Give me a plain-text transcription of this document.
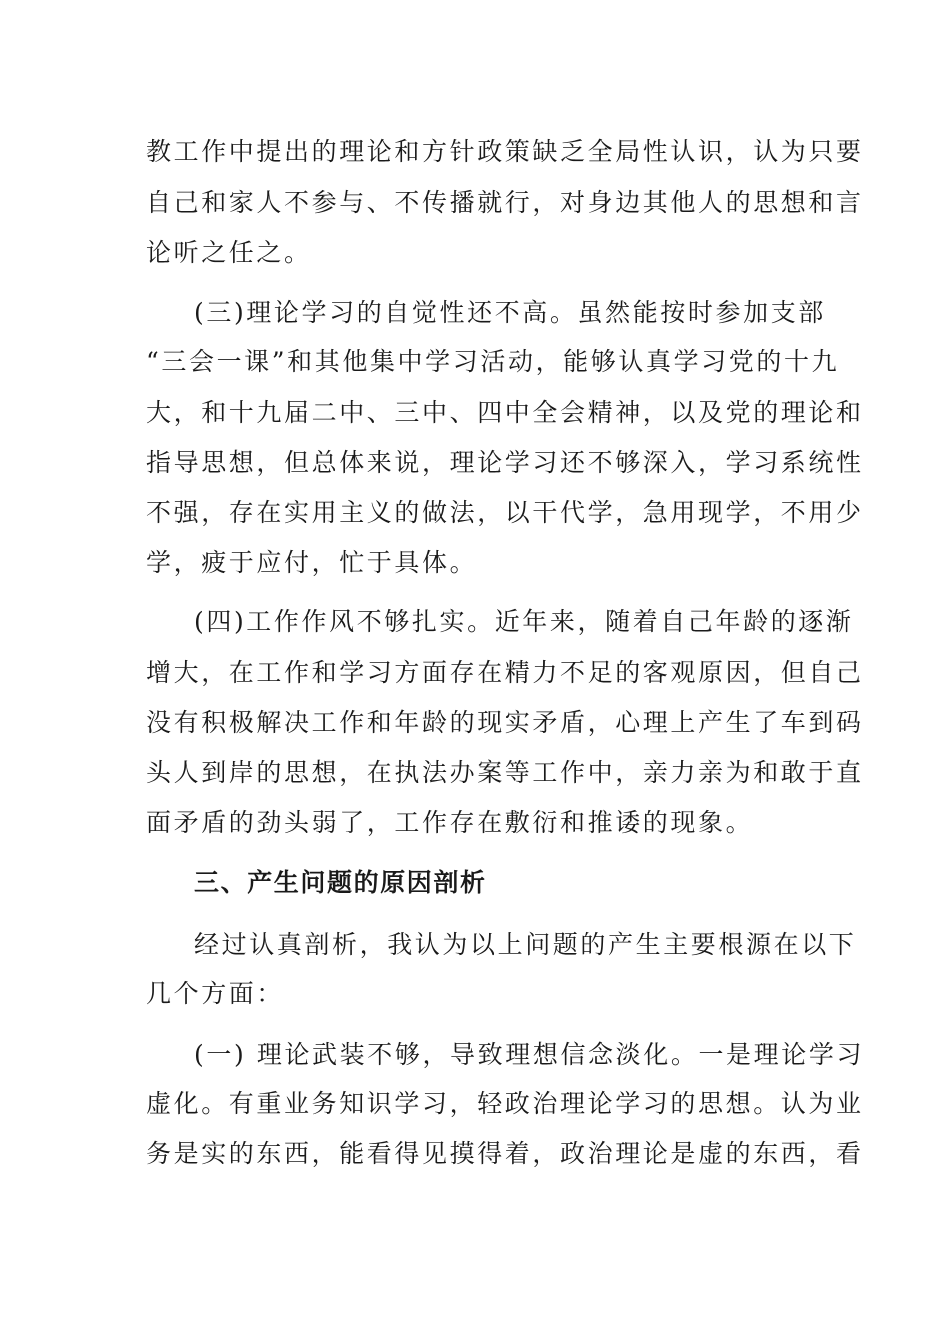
教工作中提出的理论和方针政策缺乏全局性认识，认为只要
自己和家人不参与、不传播就行，对身边其他人的思想和言
论听之任之。
(三)理论学习的自觉性还不高。虽然能按时参加支部
“三会一课”和其他集中学习活动，能够认真学习党的十九
大，和十九届二中、三中、四中全会精神，以及党的理论和
指导思想，但总体来说，理论学习还不够深入，学习系统性
不强，存在实用主义的做法，以干代学，急用现学，不用少
学，疲于应付，忙于具体。
(四)工作作风不够扎实。近年来，随着自己年龄的逐渐
增大，在工作和学习方面存在精力不足的客观原因，但自己
没有积极解决工作和年龄的现实矛盾，心理上产生了车到码
头人到岸的思想，在执法办案等工作中，亲力亲为和敢于直
面矛盾的劲头弱了，工作存在敷衍和推诿的现象。
三、产生问题的原因剖析
经过认真剖析，我认为以上问题的产生主要根源在以下
几个方面：
(一) 理论武装不够，导致理想信念淡化。一是理论学习
虚化。有重业务知识学习，轻政治理论学习的思想。认为业
务是实的东西，能看得见摸得着，政治理论是虚的东西，看
